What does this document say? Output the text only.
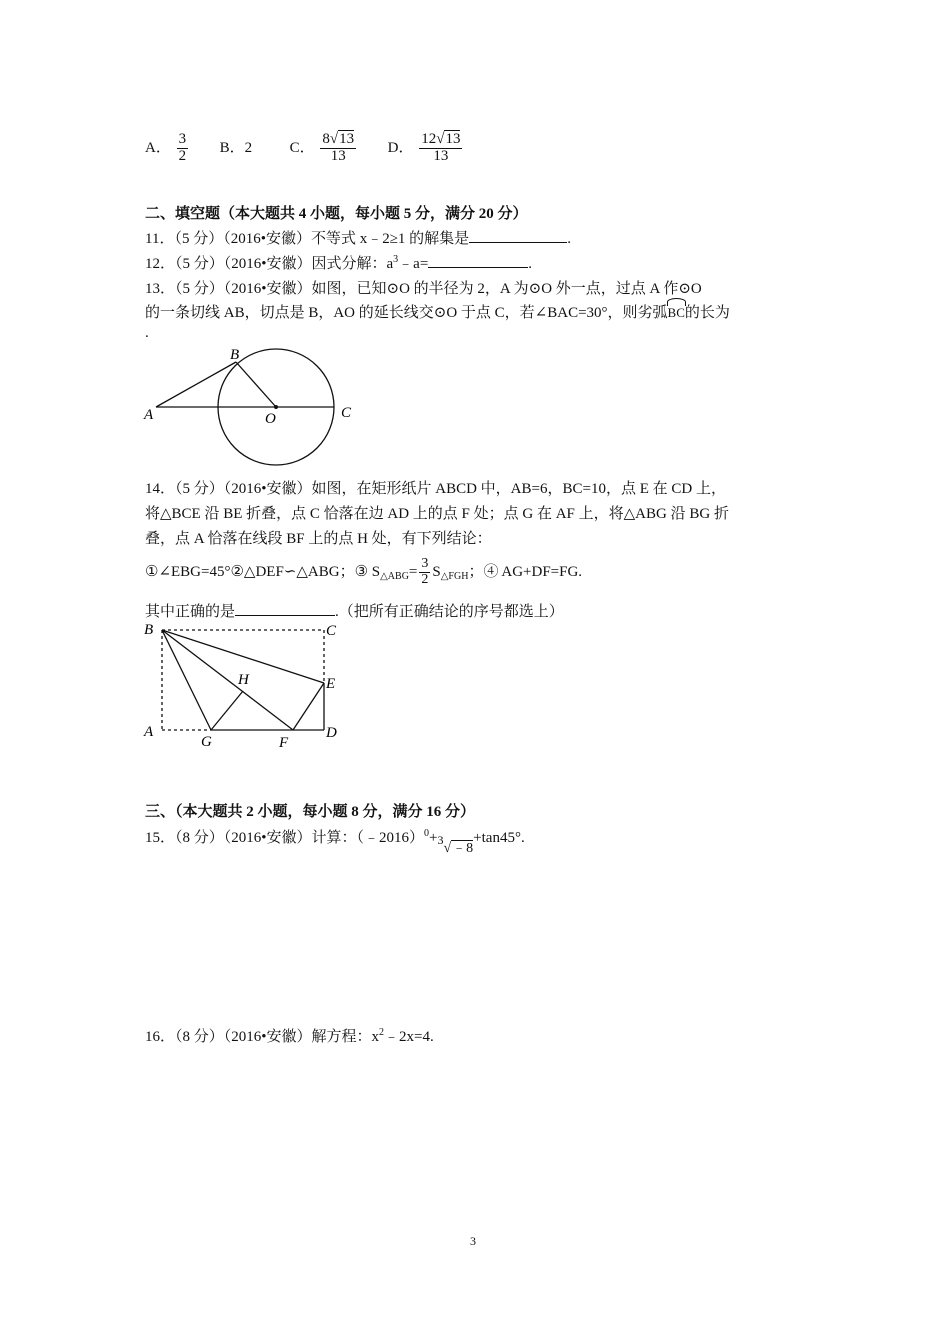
A． $\frac{3}{2}$ B．2	C． $\frac{8√13}{13}$ D． $\frac{12√13}{13}$
二、填空题（本大题共 4 小题，每小题 5 分，满分 20 分）
11．（5 分）（2016•安徽）不等式 x﹣2≥1 的解集是	.
12．（5 分）（2016•安徽）因式分解：$a^3﹣a=$	.
13．（5 分）（2016•安徽）如图，已知⊙O 的半径为 2，A 为⊙O 外一点，过点 A 作⊙O
的一条切线 AB，切点是 B，AO 的延长线交⊙O 于点 C，若∠BAC=30°，则劣弧
BC的长为
.
A
B
O	C
14．（5 分）（2016•安徽）如图，在矩形纸片 ABCD 中，AB=6，BC=10，点 E 在 CD 上，
将△BCE 沿 BE 折叠，点 C 恰落在边 AD 上的点 F 处；点 G 在 AF 上，将△ABG 沿 BG 折
叠，点 A 恰落在线段 BF 上的点 H 处，有下列结论：
①∠EBG=45°②△DEF∽△ABG；③ $S_{\triangle ABG}= \frac{3}{2} S_{\triangle FGH}$；④ AG+DF=FG.
其中正确的是	.（把所有正确结论的序号都选上）
B	C
H	E
A
G	F
D
三、（本大题共 2 小题，每小题 8 分，满分 16 分）
15．（8 分）（2016•安徽）计算：（﹣2016）$^0$+3√﹣8+tan45°.
16．（8 分）（2016•安徽）解方程：$x^2﹣2x=4$.
3
